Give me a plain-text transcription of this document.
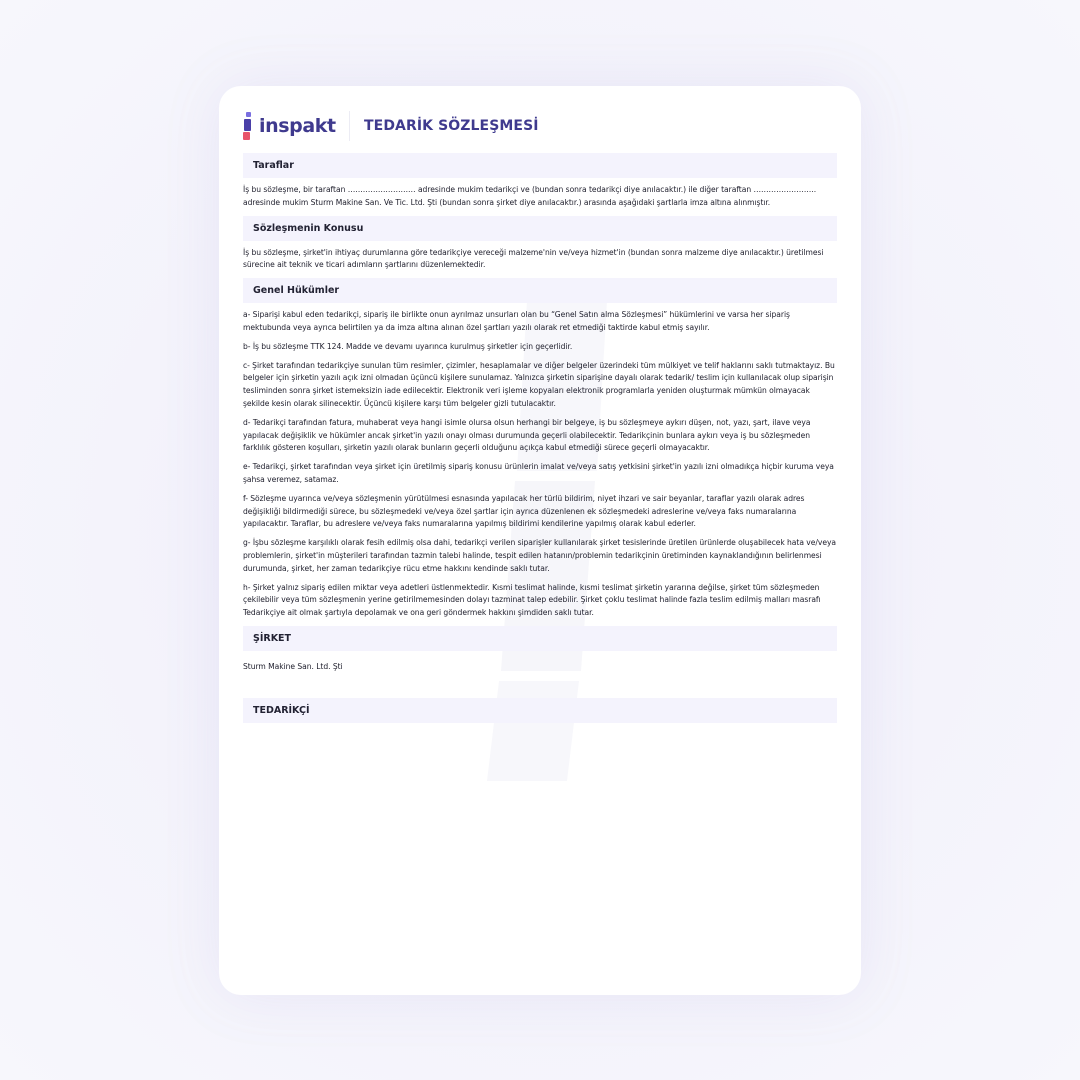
inspakt TEDARİK SÖZLEŞMESİ
Taraflar

İş bu sözleşme, bir taraftan ……………………… adresinde mukim tedarikçi ve (bundan sonra tedarikçi diye anılacaktır.) ile diğer taraftan ……………………. adresinde mukim Sturm Makine San. Ve Tic. Ltd. Şti (bundan sonra şirket diye anılacaktır.) arasında aşağıdaki şartlarla imza altına alınmıştır.

Sözleşmenin Konusu

İş bu sözleşme, şirket'in ihtiyaç durumlarına göre tedarikçiye vereceği malzeme'nin ve/veya hizmet'in (bundan sonra malzeme diye anılacaktır.) üretilmesi sürecine ait teknik ve ticari adımların şartlarını düzenlemektedir.

Genel Hükümler

a- Siparişi kabul eden tedarikçi, sipariş ile birlikte onun ayrılmaz unsurları olan bu “Genel Satın alma Sözleşmesi” hükümlerini ve varsa her sipariş mektubunda veya ayrıca belirtilen ya da imza altına alınan özel şartları yazılı olarak ret etmediği taktirde kabul etmiş sayılır.

b- İş bu sözleşme TTK 124. Madde ve devamı uyarınca kurulmuş şirketler için geçerlidir.

c- Şirket tarafından tedarikçiye sunulan tüm resimler, çizimler, hesaplamalar ve diğer belgeler üzerindeki tüm mülkiyet ve telif haklarını saklı tutmaktayız. Bu belgeler için şirketin yazılı açık izni olmadan üçüncü kişilere sunulamaz. Yalnızca şirketin siparişine dayalı olarak tedarik/ teslim için kullanılacak olup siparişin tesliminden sonra şirket istemeksizin iade edilecektir. Elektronik veri işleme kopyaları elektronik programlarla yeniden oluşturmak mümkün olmayacak şekilde kesin olarak silinecektir. Üçüncü kişilere karşı tüm belgeler gizli tutulacaktır.

d- Tedarikçi tarafından fatura, muhaberat veya hangi isimle olursa olsun herhangi bir belgeye, iş bu sözleşmeye aykırı düşen, not, yazı, şart, ilave veya yapılacak değişiklik ve hükümler ancak şirket'in yazılı onayı olması durumunda geçerli olabilecektir. Tedarikçinin bunlara aykırı veya iş bu sözleşmeden farklılık gösteren koşulları, şirketin yazılı olarak bunların geçerli olduğunu açıkça kabul etmediği sürece geçerli olmayacaktır.

e- Tedarikçi, şirket tarafından veya şirket için üretilmiş sipariş konusu ürünlerin imalat ve/veya satış yetkisini şirket'in yazılı izni olmadıkça hiçbir kuruma veya şahsa veremez, satamaz.

f- Sözleşme uyarınca ve/veya sözleşmenin yürütülmesi esnasında yapılacak her türlü bildirim, niyet ihzari ve sair beyanlar, taraflar yazılı olarak adres değişikliği bildirmediği sürece, bu sözleşmedeki ve/veya özel şartlar için ayrıca düzenlenen ek sözleşmedeki adreslerine ve/veya faks numaralarına yapılacaktır. Taraflar, bu adreslere ve/veya faks numaralarına yapılmış bildirimi kendilerine yapılmış olarak kabul ederler.

g- İşbu sözleşme karşılıklı olarak fesih edilmiş olsa dahi, tedarikçi verilen siparişler kullanılarak şirket tesislerinde üretilen ürünlerde oluşabilecek hata ve/veya problemlerin, şirket'in müşterileri tarafından tazmin talebi halinde, tespit edilen hatanın/problemin tedarikçinin üretiminden kaynaklandığının belirlenmesi durumunda, şirket, her zaman tedarikçiye rücu etme hakkını kendinde saklı tutar.

h- Şirket yalnız sipariş edilen miktar veya adetleri üstlenmektedir. Kısmi teslimat halinde, kısmi teslimat şirketin yararına değilse, şirket tüm sözleşmeden çekilebilir veya tüm sözleşmenin yerine getirilmemesinden dolayı tazminat talep edebilir. Şirket çoklu teslimat halinde fazla teslim edilmiş malları masrafı Tedarikçiye ait olmak şartıyla depolamak ve ona geri göndermek hakkını şimdiden saklı tutar.

ŞİRKET

Sturm Makine San. Ltd. Şti

TEDARİKÇİ
